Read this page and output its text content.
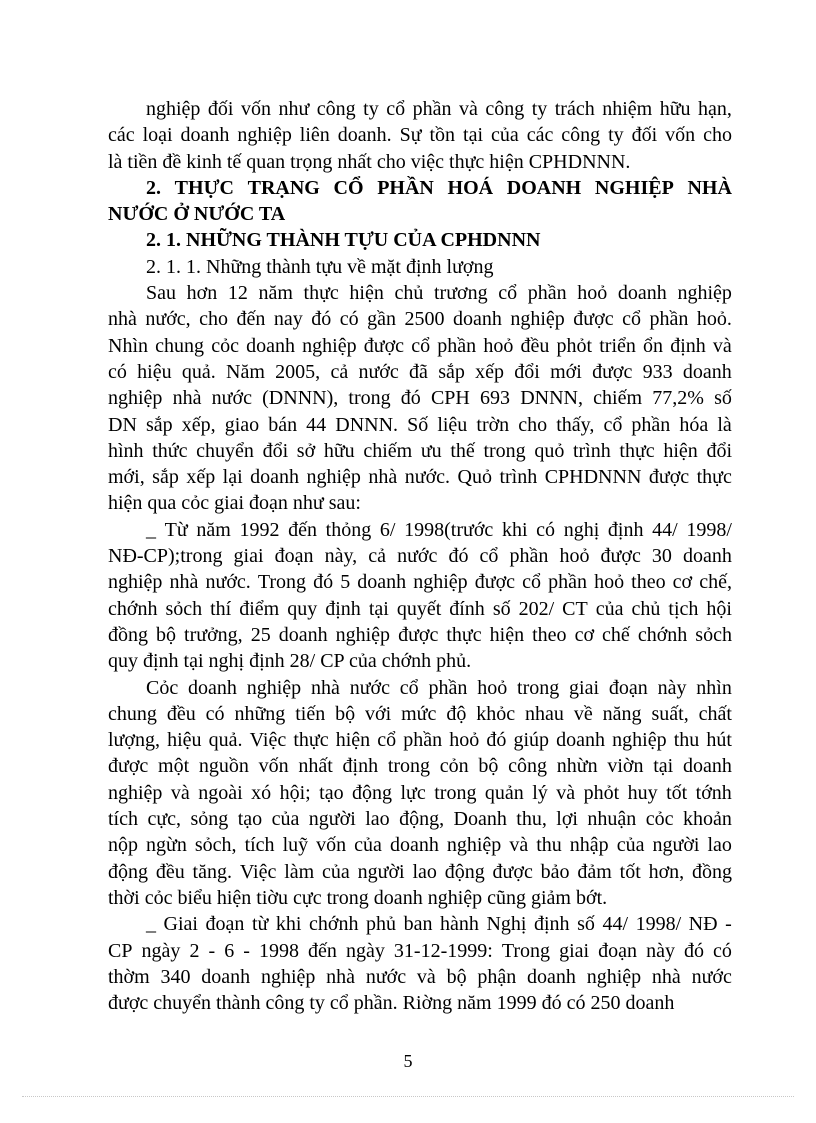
nghiệp đối vốn như công ty cổ phần và công ty trách nhiệm hữu hạn,
các loại doanh nghiệp liên doanh. Sự tồn tại của các công ty đối vốn cho
là tiền đề kinh tế quan trọng nhất cho việc thực hiện CPHDNNN.
2. THỰC TRẠNG CỔ PHẦN HOÁ DOANH NGHIỆP NHÀ
NƯỚC Ở NƯỚC TA
2. 1. NHỮNG THÀNH TỰU CỦA CPHDNNN
2. 1. 1. Những thành tựu về mặt định lượng
Sau hơn 12 năm thực hiện chủ trương cổ phần hoỏ doanh nghiệp
nhà nước, cho đến nay đó có gần 2500 doanh nghiệp được cổ phần hoỏ.
Nhìn chung cỏc doanh nghiệp được cổ phần hoỏ đều phỏt triển ổn định và
có hiệu quả. Năm 2005, cả nước đã sắp xếp đổi mới được 933 doanh
nghiệp nhà nước (DNNN), trong đó CPH 693 DNNN, chiếm 77,2% số
DN sắp xếp, giao bán 44 DNNN. Số liệu trờn cho thấy, cổ phần hóa là
hình thức chuyển đổi sở hữu chiếm ưu thế trong quỏ trình thực hiện đổi
mới, sắp xếp lại doanh nghiệp nhà nước. Quỏ trình CPHDNNN được thực
hiện qua cỏc giai đoạn như sau:
_ Từ năm 1992 đến thỏng 6/ 1998(trước khi có nghị định 44/ 1998/
NĐ-CP);trong giai đoạn này, cả nước đó cổ phần hoỏ được 30 doanh
nghiệp nhà nước. Trong đó 5 doanh nghiệp được cổ phần hoỏ theo cơ chế,
chớnh sỏch thí điểm quy định tại quyết đính số 202/ CT của chủ tịch hội
đồng bộ trưởng, 25 doanh nghiệp được thực hiện theo cơ chế chớnh sỏch
quy định tại nghị định 28/ CP của chớnh phủ.
Cỏc doanh nghiệp nhà nước cổ phần hoỏ trong giai đoạn này nhìn
chung đều có những tiến bộ với mức độ khỏc nhau về năng suất, chất
lượng, hiệu quả. Việc thực hiện cổ phần hoỏ đó giúp doanh nghiệp thu hút
được một nguồn vốn nhất định trong cỏn bộ công nhừn viờn tại doanh
nghiệp và ngoài xó hội; tạo động lực trong quản lý và phỏt huy tốt tớnh
tích cực, sỏng tạo của người lao động, Doanh thu, lợi nhuận cỏc khoản
nộp ngừn sỏch, tích luỹ vốn của doanh nghiệp và thu nhập của người lao
động đều tăng. Việc làm của người lao động được bảo đảm tốt hơn, đồng
thời cỏc biểu hiện tiờu cực trong doanh nghiệp cũng giảm bớt.
_ Giai đoạn từ khi chớnh phủ ban hành Nghị định số 44/ 1998/ NĐ -
CP ngày 2 - 6 - 1998 đến ngày 31-12-1999: Trong giai đoạn này đó có
thờm 340 doanh nghiệp nhà nước và bộ phận doanh nghiệp nhà nước
được chuyển thành công ty cổ phần. Riờng năm 1999 đó có 250 doanh
5
